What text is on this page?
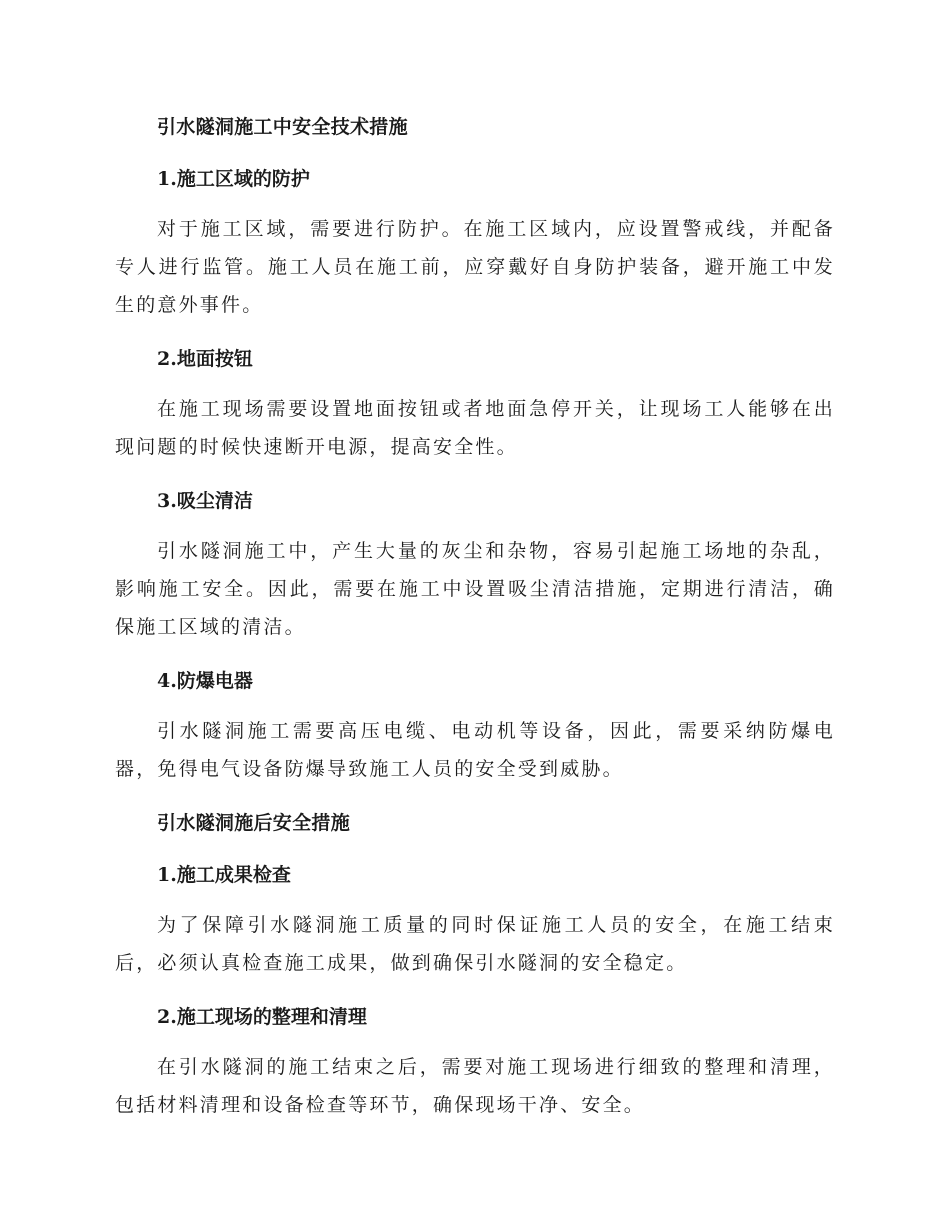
引水隧洞施工中安全技术措施
1.施工区域的防护

对于施工区域，需要进行防护。在施工区域内，应设置警戒线，并配备专人进行监管。施工人员在施工前，应穿戴好自身防护装备，避开施工中发生的意外事件。

2.地面按钮

在施工现场需要设置地面按钮或者地面急停开关，让现场工人能够在出现问题的时候快速断开电源，提高安全性。

3.吸尘清洁

引水隧洞施工中，产生大量的灰尘和杂物，容易引起施工场地的杂乱，影响施工安全。因此，需要在施工中设置吸尘清洁措施，定期进行清洁，确保施工区域的清洁。

4.防爆电器

引水隧洞施工需要高压电缆、电动机等设备，因此，需要采纳防爆电器，免得电气设备防爆导致施工人员的安全受到威胁。

引水隧洞施后安全措施
1.施工成果检查

为了保障引水隧洞施工质量的同时保证施工人员的安全，在施工结束后，必须认真检查施工成果，做到确保引水隧洞的安全稳定。

2.施工现场的整理和清理

在引水隧洞的施工结束之后，需要对施工现场进行细致的整理和清理，包括材料清理和设备检查等环节，确保现场干净、安全。
